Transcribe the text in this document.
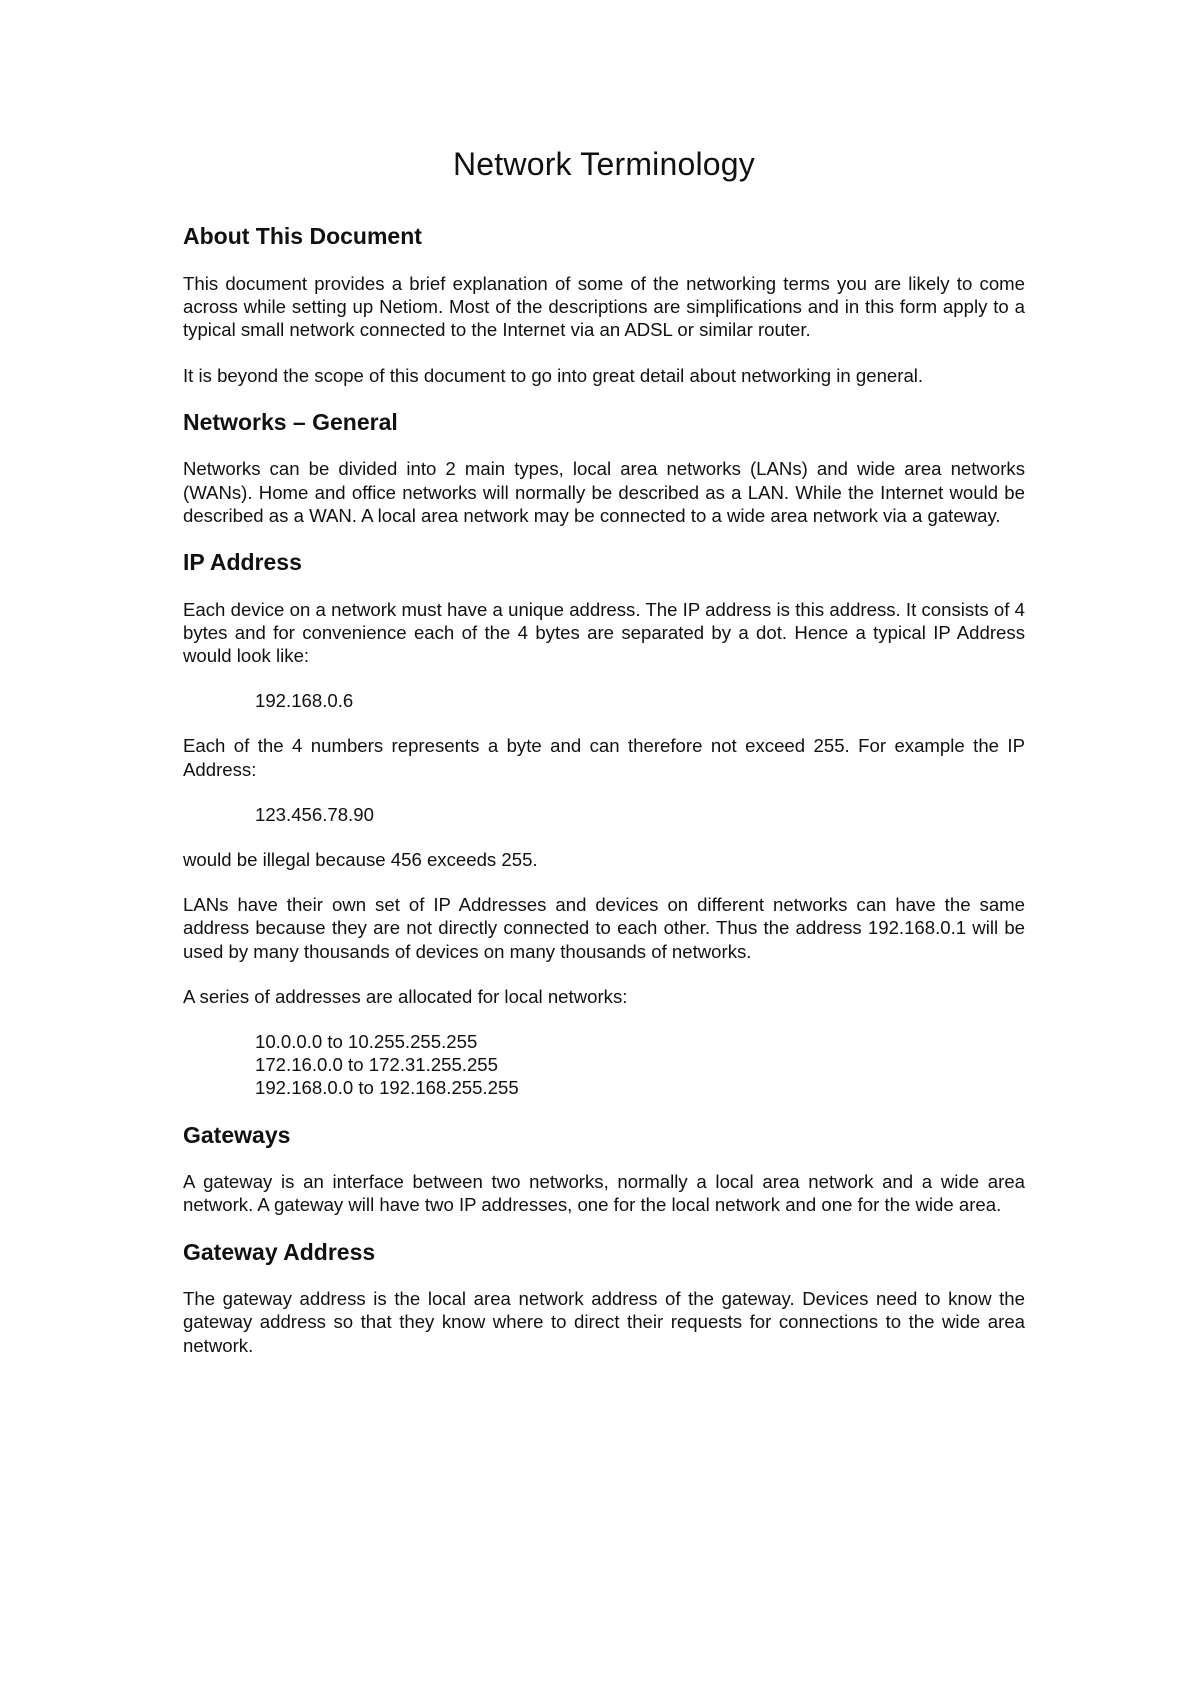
Network Terminology
About This Document

This document provides a brief explanation of some of the networking terms you are likely to come across while setting up Netiom. Most of the descriptions are simplifications and in this form apply to a typical small network connected to the Internet via an ADSL or similar router.

It is beyond the scope of this document to go into great detail about networking in general.

Networks – General

Networks can be divided into 2 main types, local area networks (LANs) and wide area networks (WANs). Home and office networks will normally be described as a LAN. While the Internet would be described as a WAN. A local area network may be connected to a wide area network via a gateway.

IP Address

Each device on a network must have a unique address. The IP address is this address. It consists of 4 bytes and for convenience each of the 4 bytes are separated by a dot. Hence a typical IP Address would look like:

192.168.0.6

Each of the 4 numbers represents a byte and can therefore not exceed 255. For example the IP Address:

123.456.78.90

would be illegal because 456 exceeds 255.

LANs have their own set of IP Addresses and devices on different networks can have the same address because they are not directly connected to each other. Thus the address 192.168.0.1 will be used by many thousands of devices on many thousands of networks.

A series of addresses are allocated for local networks:

10.0.0.0 to 10.255.255.255
172.16.0.0 to 172.31.255.255
192.168.0.0 to 192.168.255.255
Gateways

A gateway is an interface between two networks, normally a local area network and a wide area network. A gateway will have two IP addresses, one for the local network and one for the wide area.

Gateway Address

The gateway address is the local area network address of the gateway. Devices need to know the gateway address so that they know where to direct their requests for connections to the wide area network.
